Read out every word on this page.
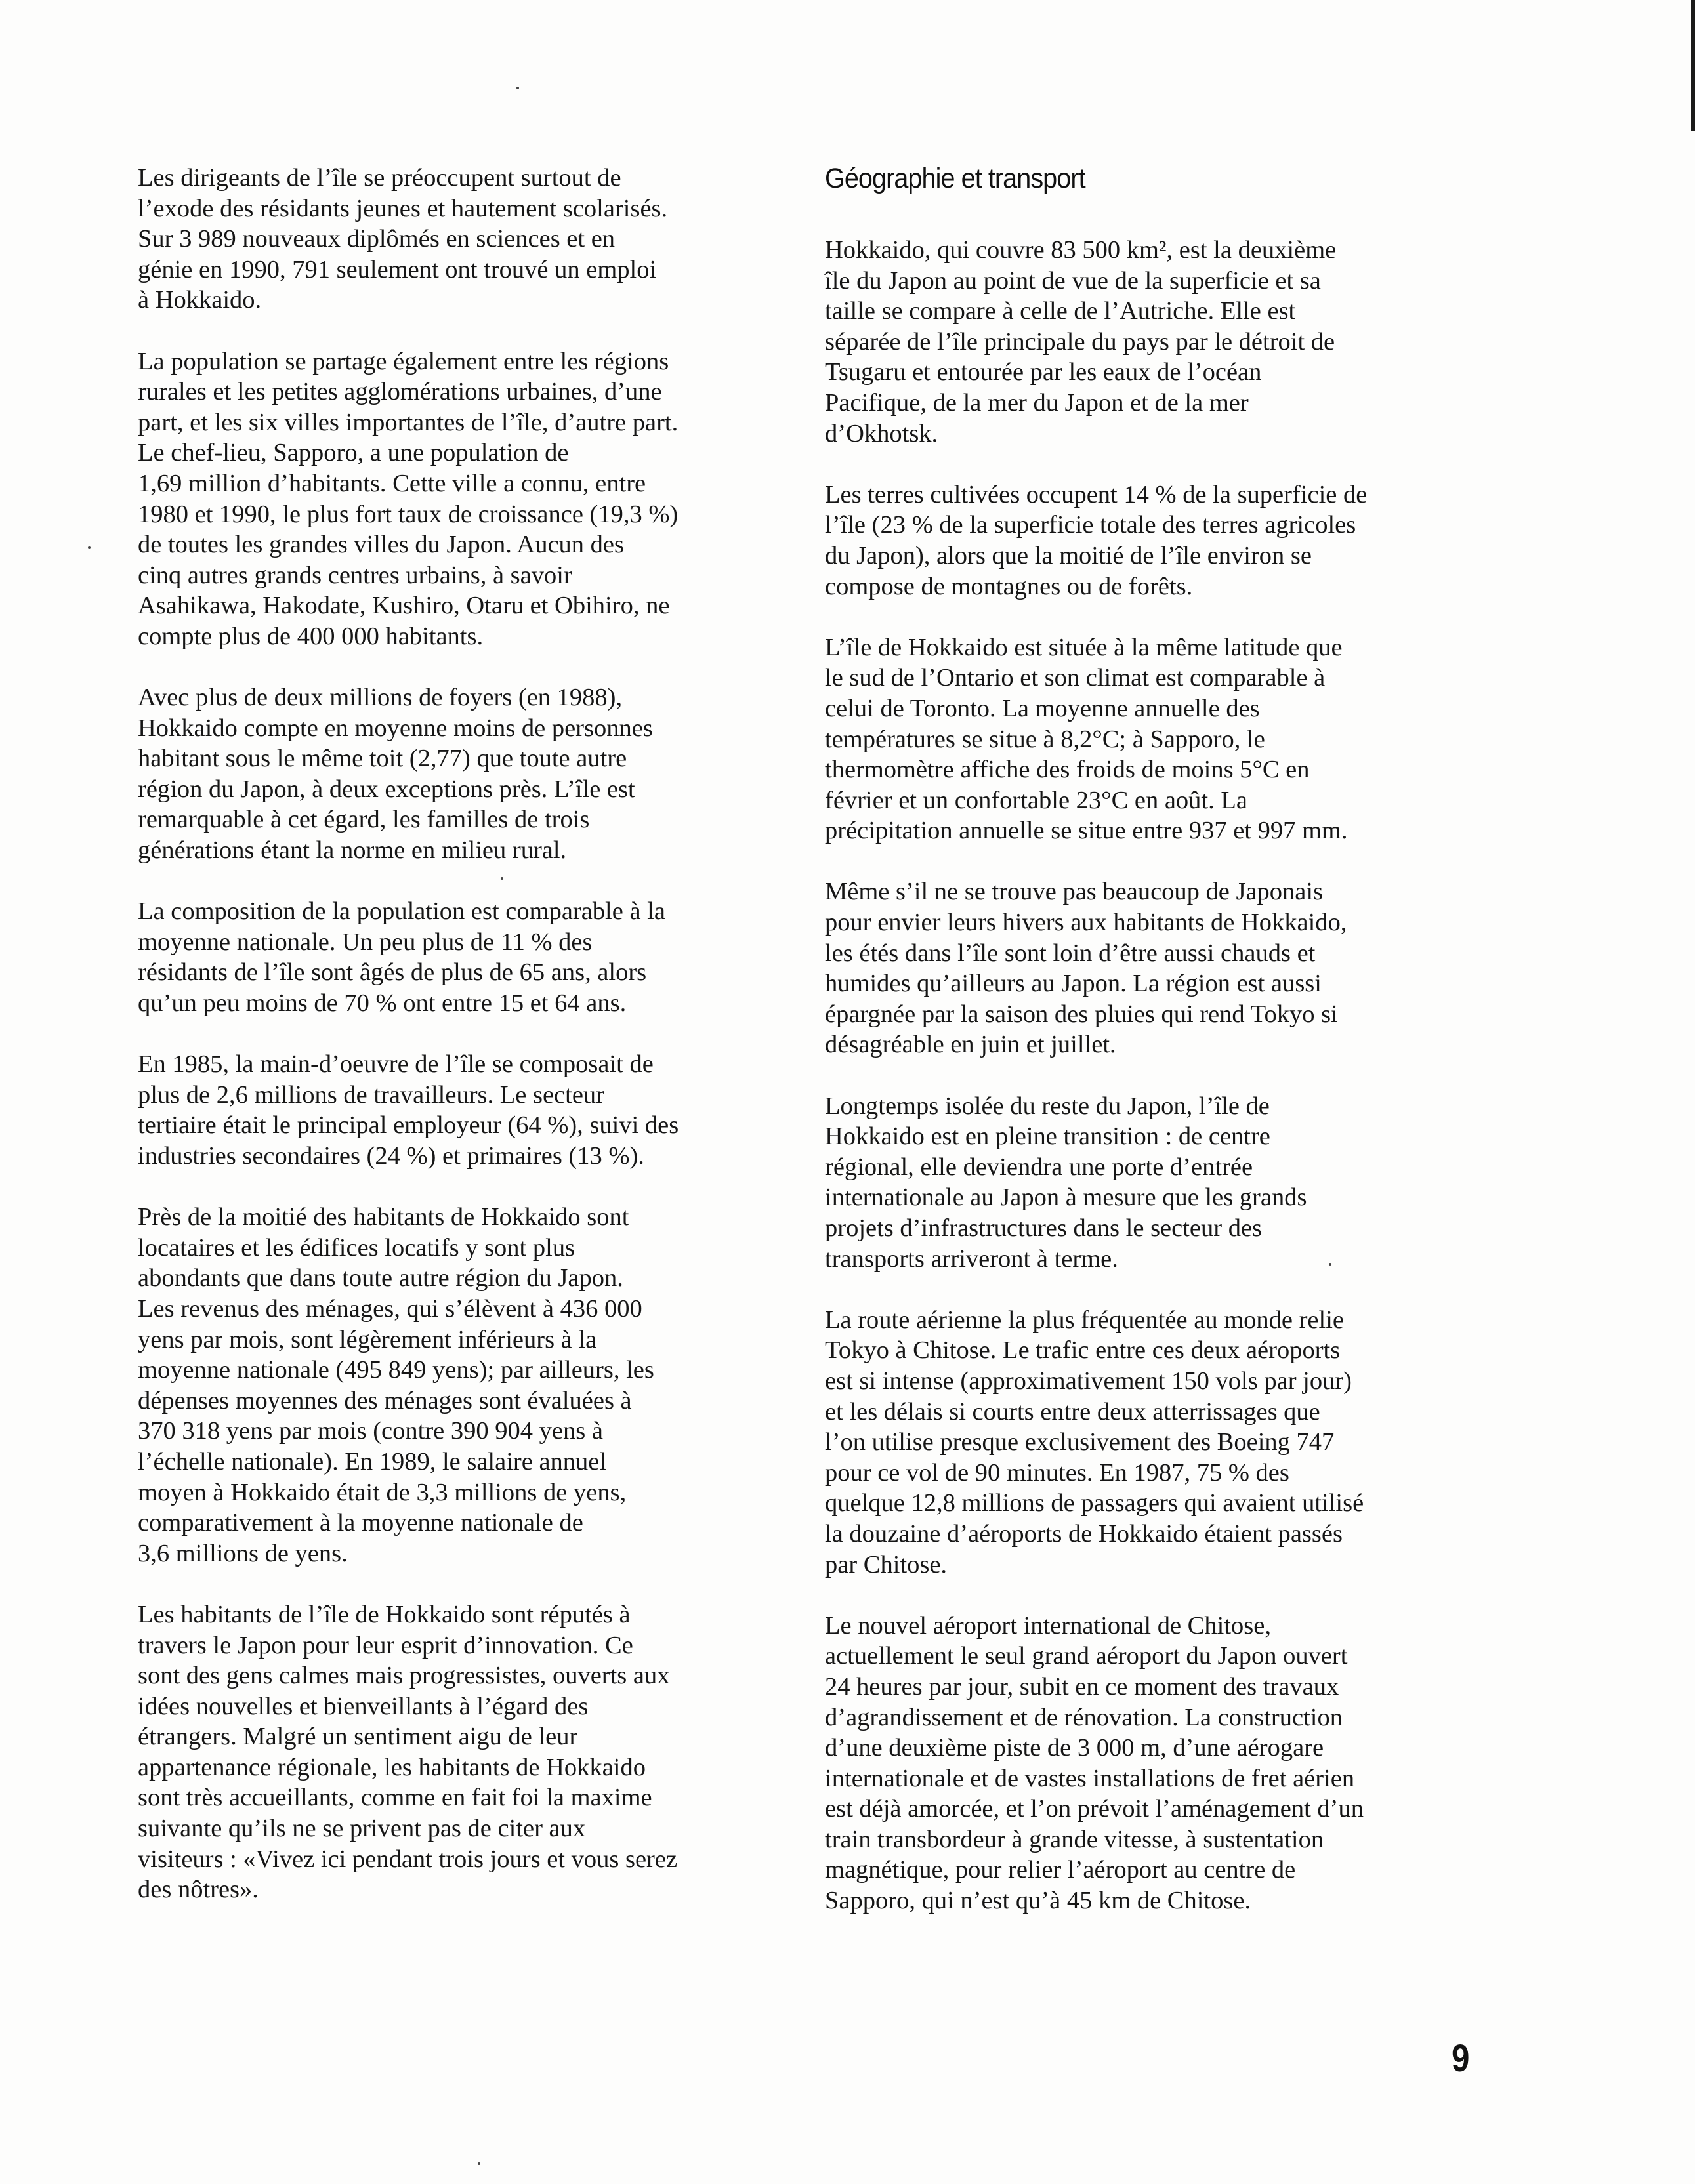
Les dirigeants de l’île se préoccupent surtout de
l’exode des résidants jeunes et hautement scolarisés.
Sur 3 989 nouveaux diplômés en sciences et en
génie en 1990, 791 seulement ont trouvé un emploi
à Hokkaido.

La population se partage également entre les régions
rurales et les petites agglomérations urbaines, d’une
part, et les six villes importantes de l’île, d’autre part.
Le chef-lieu, Sapporo, a une population de
1,69 million d’habitants. Cette ville a connu, entre
1980 et 1990, le plus fort taux de croissance (19,3 %)
de toutes les grandes villes du Japon. Aucun des
cinq autres grands centres urbains, à savoir
Asahikawa, Hakodate, Kushiro, Otaru et Obihiro, ne
compte plus de 400 000 habitants.

Avec plus de deux millions de foyers (en 1988),
Hokkaido compte en moyenne moins de personnes
habitant sous le même toit (2,77) que toute autre
région du Japon, à deux exceptions près. L’île est
remarquable à cet égard, les familles de trois
générations étant la norme en milieu rural.

La composition de la population est comparable à la
moyenne nationale. Un peu plus de 11 % des
résidants de l’île sont âgés de plus de 65 ans, alors
qu’un peu moins de 70 % ont entre 15 et 64 ans.

En 1985, la main-d’oeuvre de l’île se composait de
plus de 2,6 millions de travailleurs. Le secteur
tertiaire était le principal employeur (64 %), suivi des
industries secondaires (24 %) et primaires (13 %).

Près de la moitié des habitants de Hokkaido sont
locataires et les édifices locatifs y sont plus
abondants que dans toute autre région du Japon.
Les revenus des ménages, qui s’élèvent à 436 000
yens par mois, sont légèrement inférieurs à la
moyenne nationale (495 849 yens); par ailleurs, les
dépenses moyennes des ménages sont évaluées à
370 318 yens par mois (contre 390 904 yens à
l’échelle nationale). En 1989, le salaire annuel
moyen à Hokkaido était de 3,3 millions de yens,
comparativement à la moyenne nationale de
3,6 millions de yens.

Les habitants de l’île de Hokkaido sont réputés à
travers le Japon pour leur esprit d’innovation. Ce
sont des gens calmes mais progressistes, ouverts aux
idées nouvelles et bienveillants à l’égard des
étrangers. Malgré un sentiment aigu de leur
appartenance régionale, les habitants de Hokkaido
sont très accueillants, comme en fait foi la maxime
suivante qu’ils ne se privent pas de citer aux
visiteurs : «Vivez ici pendant trois jours et vous serez
des nôtres».

Géographie et transport

Hokkaido, qui couvre 83 500 km², est la deuxième
île du Japon au point de vue de la superficie et sa
taille se compare à celle de l’Autriche. Elle est
séparée de l’île principale du pays par le détroit de
Tsugaru et entourée par les eaux de l’océan
Pacifique, de la mer du Japon et de la mer
d’Okhotsk.

Les terres cultivées occupent 14 % de la superficie de
l’île (23 % de la superficie totale des terres agricoles
du Japon), alors que la moitié de l’île environ se
compose de montagnes ou de forêts.

L’île de Hokkaido est située à la même latitude que
le sud de l’Ontario et son climat est comparable à
celui de Toronto. La moyenne annuelle des
températures se situe à 8,2°C; à Sapporo, le
thermomètre affiche des froids de moins 5°C en
février et un confortable 23°C en août. La
précipitation annuelle se situe entre 937 et 997 mm.

Même s’il ne se trouve pas beaucoup de Japonais
pour envier leurs hivers aux habitants de Hokkaido,
les étés dans l’île sont loin d’être aussi chauds et
humides qu’ailleurs au Japon. La région est aussi
épargnée par la saison des pluies qui rend Tokyo si
désagréable en juin et juillet.

Longtemps isolée du reste du Japon, l’île de
Hokkaido est en pleine transition : de centre
régional, elle deviendra une porte d’entrée
internationale au Japon à mesure que les grands
projets d’infrastructures dans le secteur des
transports arriveront à terme.

La route aérienne la plus fréquentée au monde relie
Tokyo à Chitose. Le trafic entre ces deux aéroports
est si intense (approximativement 150 vols par jour)
et les délais si courts entre deux atterrissages que
l’on utilise presque exclusivement des Boeing 747
pour ce vol de 90 minutes. En 1987, 75 % des
quelque 12,8 millions de passagers qui avaient utilisé
la douzaine d’aéroports de Hokkaido étaient passés
par Chitose.

Le nouvel aéroport international de Chitose,
actuellement le seul grand aéroport du Japon ouvert
24 heures par jour, subit en ce moment des travaux
d’agrandissement et de rénovation. La construction
d’une deuxième piste de 3 000 m, d’une aérogare
internationale et de vastes installations de fret aérien
est déjà amorcée, et l’on prévoit l’aménagement d’un
train transbordeur à grande vitesse, à sustentation
magnétique, pour relier l’aéroport au centre de
Sapporo, qui n’est qu’à 45 km de Chitose.

9
